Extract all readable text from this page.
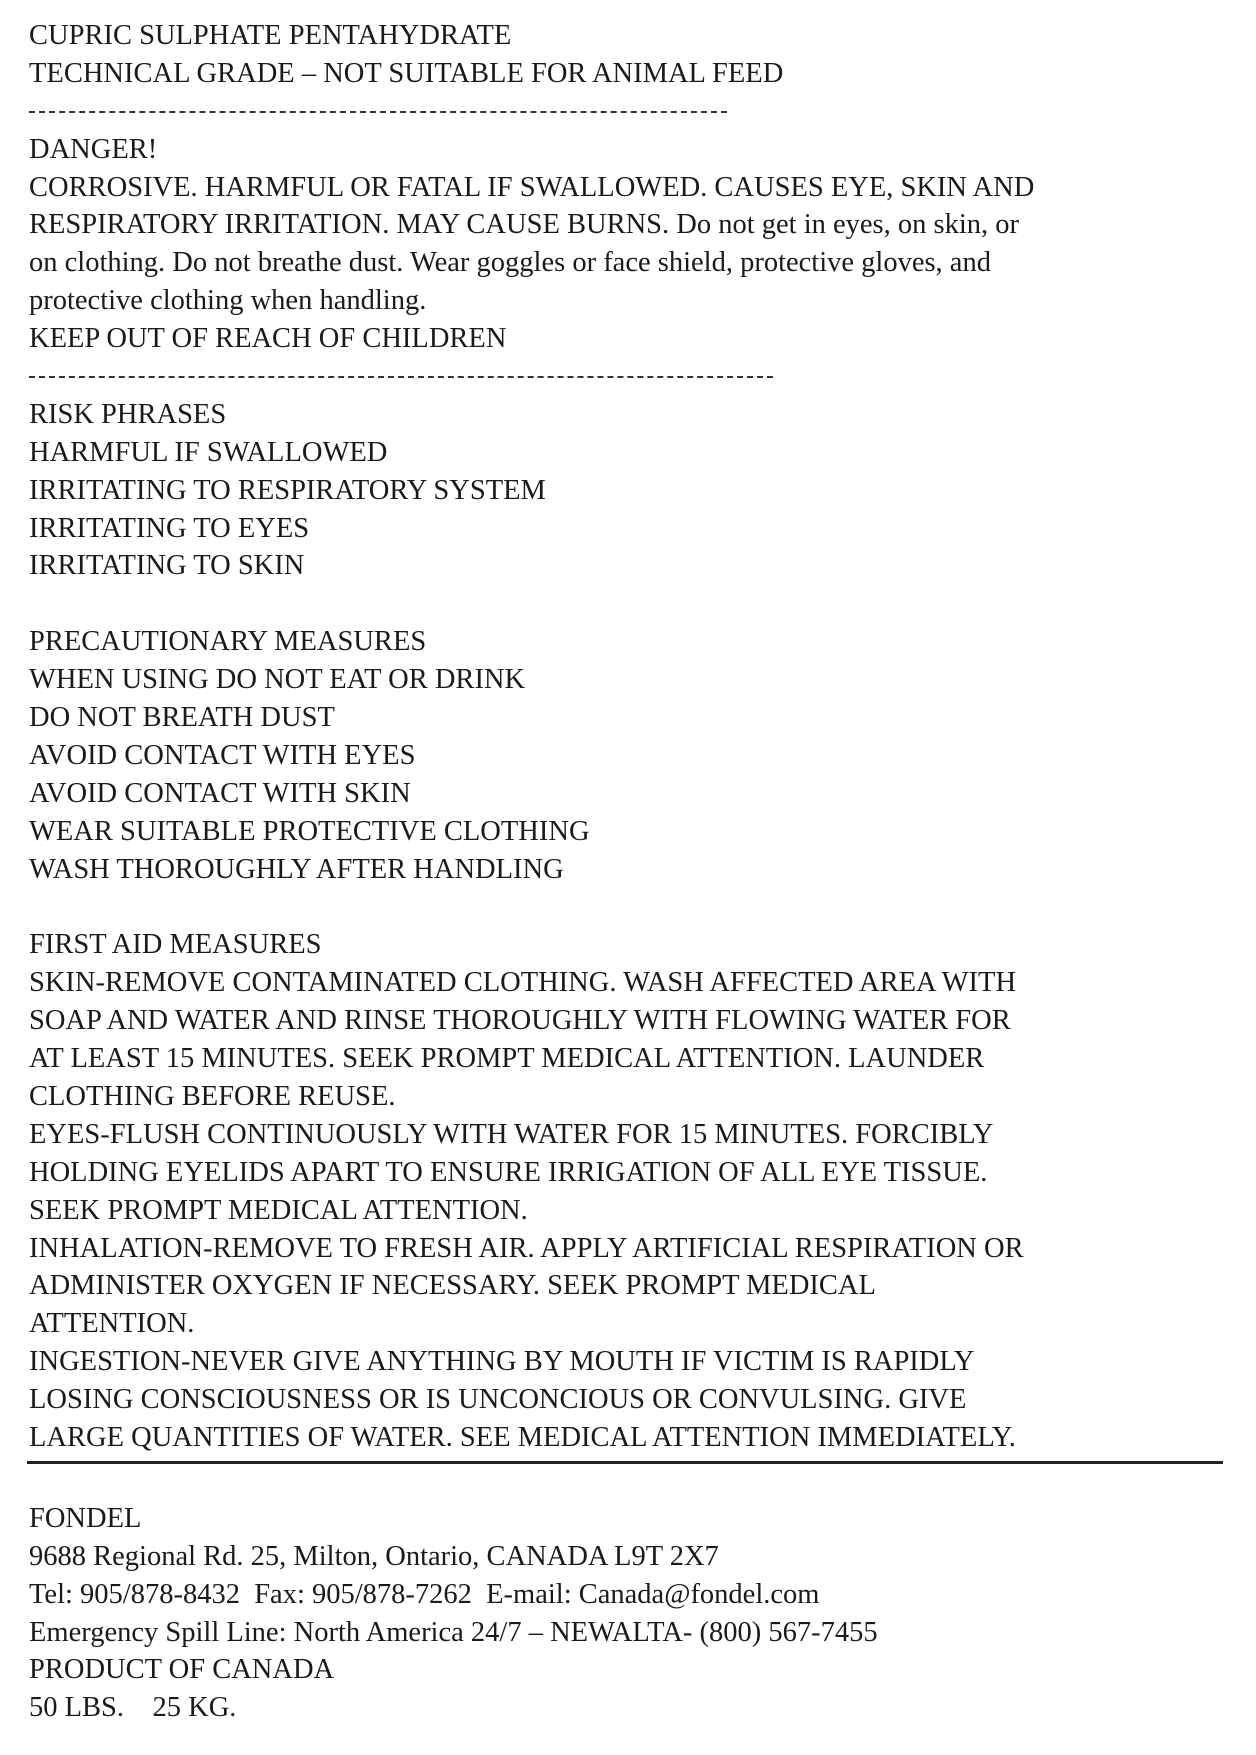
CUPRIC SULPHATE PENTAHYDRATE
TECHNICAL GRADE – NOT SUITABLE FOR ANIMAL FEED
DANGER!
CORROSIVE. HARMFUL OR FATAL IF SWALLOWED. CAUSES EYE, SKIN AND
RESPIRATORY IRRITATION. MAY CAUSE BURNS. Do not get in eyes, on skin, or
on clothing. Do not breathe dust. Wear goggles or face shield, protective gloves, and
protective clothing when handling.
KEEP OUT OF REACH OF CHILDREN
RISK PHRASES
HARMFUL IF SWALLOWED
IRRITATING TO RESPIRATORY SYSTEM
IRRITATING TO EYES
IRRITATING TO SKIN
PRECAUTIONARY MEASURES
WHEN USING DO NOT EAT OR DRINK
DO NOT BREATH DUST
AVOID CONTACT WITH EYES
AVOID CONTACT WITH SKIN
WEAR SUITABLE PROTECTIVE CLOTHING
WASH THOROUGHLY AFTER HANDLING
FIRST AID MEASURES
SKIN-REMOVE CONTAMINATED CLOTHING. WASH AFFECTED AREA WITH
SOAP AND WATER AND RINSE THOROUGHLY WITH FLOWING WATER FOR
AT LEAST 15 MINUTES. SEEK PROMPT MEDICAL ATTENTION. LAUNDER
CLOTHING BEFORE REUSE.
EYES-FLUSH CONTINUOUSLY WITH WATER FOR 15 MINUTES. FORCIBLY
HOLDING EYELIDS APART TO ENSURE IRRIGATION OF ALL EYE TISSUE.
SEEK PROMPT MEDICAL ATTENTION.
INHALATION-REMOVE TO FRESH AIR. APPLY ARTIFICIAL RESPIRATION OR
ADMINISTER OXYGEN IF NECESSARY. SEEK PROMPT MEDICAL
ATTENTION.
INGESTION-NEVER GIVE ANYTHING BY MOUTH IF VICTIM IS RAPIDLY
LOSING CONSCIOUSNESS OR IS UNCONCIOUS OR CONVULSING. GIVE
LARGE QUANTITIES OF WATER. SEE MEDICAL ATTENTION IMMEDIATELY.
FONDEL
9688 Regional Rd. 25, Milton, Ontario, CANADA L9T 2X7
Tel: 905/878-8432  Fax: 905/878-7262  E-mail: Canada@fondel.com
Emergency Spill Line: North America 24/7 – NEWALTA- (800) 567-7455
PRODUCT OF CANADA
50 LBS.    25 KG.
